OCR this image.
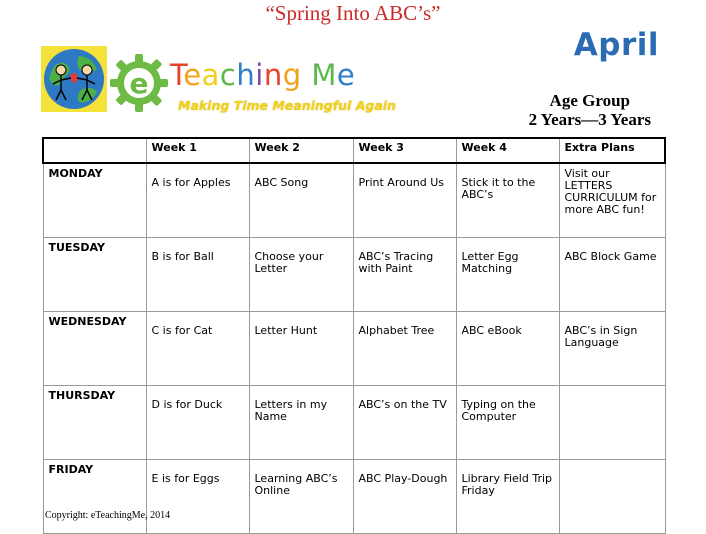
“Spring Into ABC’s”
e Teaching Me
Making Time Meaningful Again
April
Age Group
2 Years—3 Years
	Week 1	Week 2	Week 3	Week 4	Extra Plans
MONDAY	A is for Apples	ABC Song	Print Around Us	Stick it to the ABC’s	Visit our LETTERS CURRICULUM for more ABC fun!
TUESDAY	B is for Ball	Choose your Letter	ABC’s Tracing with Paint	Letter Egg Matching	ABC Block Game
WEDNESDAY	C is for Cat	Letter Hunt	Alphabet Tree	ABC eBook	ABC’s in Sign Language
THURSDAY	D is for Duck	Letters in my Name	ABC’s on the TV	Typing on the Computer	
FRIDAY	E is for Eggs	Learning ABC’s Online	ABC Play-Dough	Library Field Trip Friday	
Copyright: eTeachingMe, 2014
